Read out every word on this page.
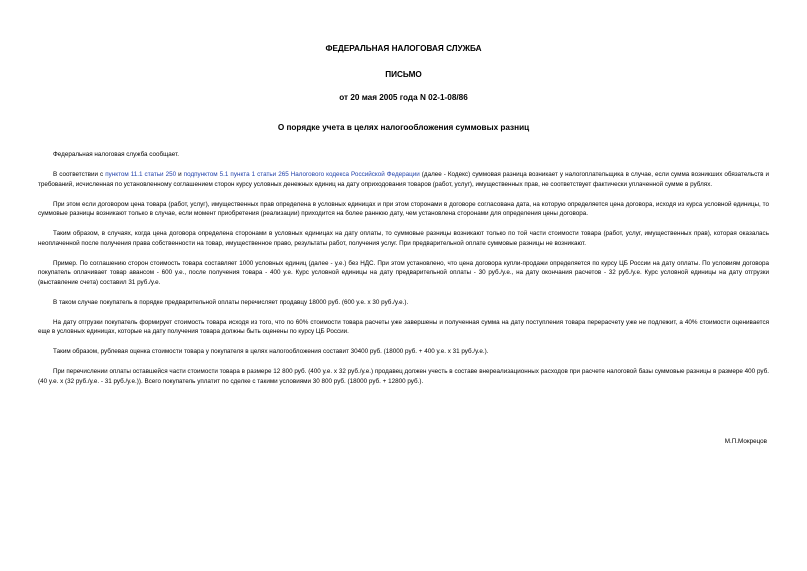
ФЕДЕРАЛЬНАЯ НАЛОГОВАЯ СЛУЖБА
ПИСЬМО
от 20 мая 2005 года N 02-1-08/86
О порядке учета в целях налогообложения суммовых разниц

Федеральная налоговая служба сообщает.

В соответствии с пунктом 11.1 статьи 250 и подпунктом 5.1 пункта 1 статьи 265 Налогового кодекса Российской Федерации (далее - Кодекс) суммовая разница возникает у налогоплательщика в случае, если сумма возникших обязательств и требований, исчисленная по установленному соглашением сторон курсу условных денежных единиц на дату оприходования товаров (работ, услуг), имущественных прав, не соответствует фактически уплаченной сумме в рублях.

При этом если договором цена товара (работ, услуг), имущественных прав определена в условных единицах и при этом сторонами в договоре согласована дата, на которую определяется цена договора, исходя из курса условной единицы, то суммовые разницы возникают только в случае, если момент приобретения (реализации) приходится на более раннюю дату, чем установлена сторонами для определения цены договора.

Таким образом, в случаях, когда цена договора определена сторонами в условных единицах на дату оплаты, то суммовые разницы возникают только по той части стоимости товара (работ, услуг, имущественных прав), которая оказалась неоплаченной после получения права собственности на товар, имущественное право, результаты работ, получения услуг. При предварительной оплате суммовые разницы не возникают.

Пример. По соглашению сторон стоимость товара составляет 1000 условных единиц (далее - у.е.) без НДС. При этом установлено, что цена договора купли-продажи определяется по курсу ЦБ России на дату оплаты. По условиям договора покупатель оплачивает товар авансом - 600 у.е., после получения товара - 400 у.е. Курс условной единицы на дату предварительной оплаты - 30 руб./у.е., на дату окончания расчетов - 32 руб./у.е. Курс условной единицы на дату отгрузки (выставление счета) составил 31 руб./у.е.

В таком случае покупатель в порядке предварительной оплаты перечисляет продавцу 18000 руб. (600 у.е. x 30 руб./у.е.).

На дату отгрузки покупатель формирует стоимость товара исходя из того, что по 60% стоимости товара расчеты уже завершены и полученная сумма на дату поступления товара перерасчету уже не подлежит, а 40% стоимости оценивается еще в условных единицах, которые на дату получения товара должны быть оценены по курсу ЦБ России.

Таким образом, рублевая оценка стоимости товара у покупателя в целях налогообложения составит 30400 руб. (18000 руб. + 400 у.е. x 31 руб./у.е.).

При перечислении оплаты оставшейся части стоимости товара в размере 12 800 руб. (400 у.е. x 32 руб./у.е.) продавец должен учесть в составе внереализационных расходов при расчете налоговой базы суммовые разницы в размере 400 руб. (40 у.е. x (32 руб./у.е. - 31 руб./у.е.)). Всего покупатель уплатит по сделке с такими условиями 30 800 руб. (18000 руб. + 12800 руб.).

М.П.Мокрецов
